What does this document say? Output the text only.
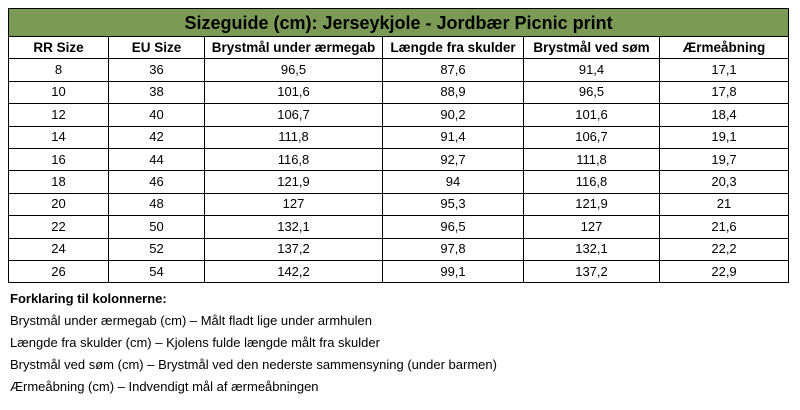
Sizeguide (cm): Jerseykjole - Jordbær Picnic print					
RR Size	EU Size	Brystmål under ærmegab	Længde fra skulder	Brystmål ved søm	Ærmeåbning
8	36	96,5	87,6	91,4	17,1
10	38	101,6	88,9	96,5	17,8
12	40	106,7	90,2	101,6	18,4
14	42	111,8	91,4	106,7	19,1
16	44	116,8	92,7	111,8	19,7
18	46	121,9	94	116,8	20,3
20	48	127	95,3	121,9	21
22	50	132,1	96,5	127	21,6
24	52	137,2	97,8	132,1	22,2
26	54	142,2	99,1	137,2	22,9
Forklaring til kolonnerne:
Brystmål under ærmegab (cm) – Målt fladt lige under armhulen
Længde fra skulder (cm) – Kjolens fulde længde målt fra skulder
Brystmål ved søm (cm) – Brystmål ved den nederste sammensyning (under barmen)
Ærmeåbning (cm) – Indvendigt mål af ærmeåbningen
